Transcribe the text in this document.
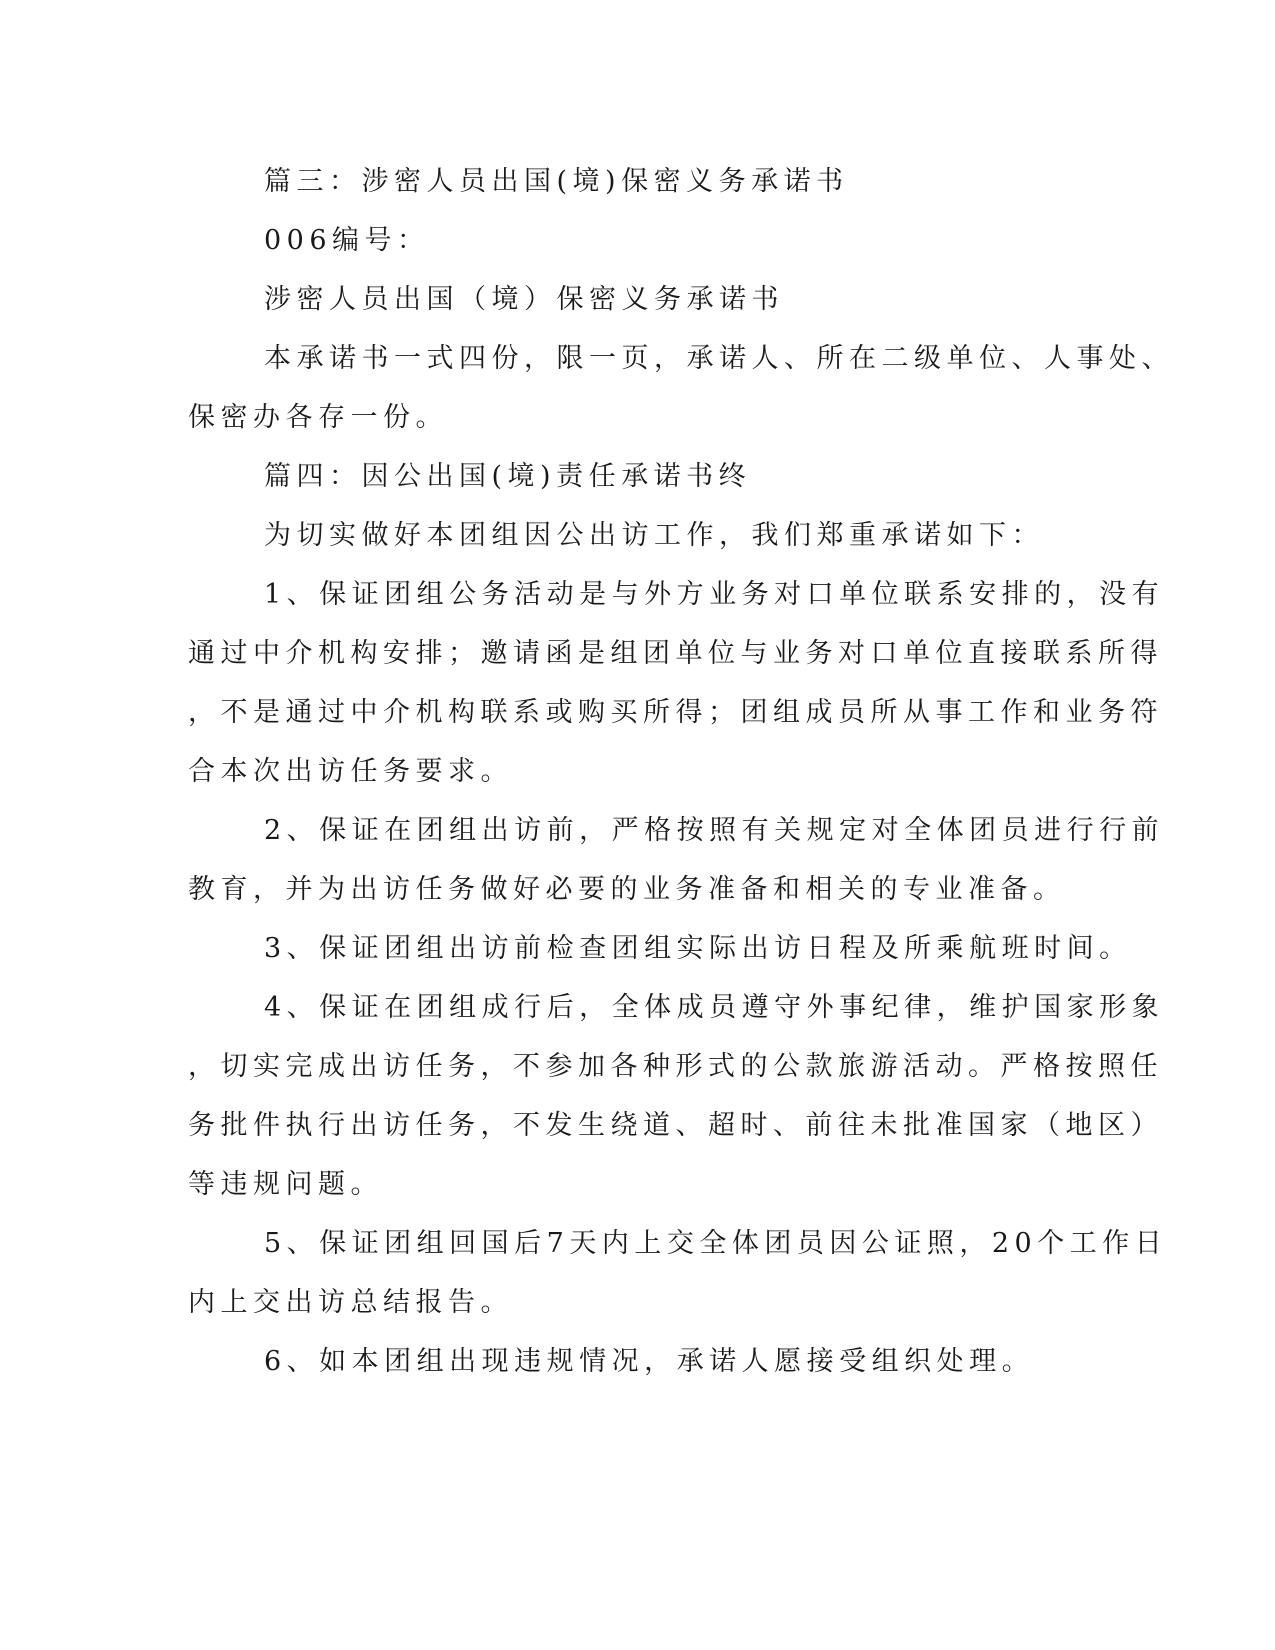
篇三：涉密人员出国(境)保密义务承诺书
006编号：
涉密人员出国（境）保密义务承诺书
本承诺书一式四份，限一页，承诺人、所在二级单位、人事处、
保密办各存一份。
篇四：因公出国(境)责任承诺书终
为切实做好本团组因公出访工作，我们郑重承诺如下：
1、保证团组公务活动是与外方业务对口单位联系安排的，没有
通过中介机构安排；邀请函是组团单位与业务对口单位直接联系所得
，不是通过中介机构联系或购买所得；团组成员所从事工作和业务符
合本次出访任务要求。
2、保证在团组出访前，严格按照有关规定对全体团员进行行前
教育，并为出访任务做好必要的业务准备和相关的专业准备。
3、保证团组出访前检查团组实际出访日程及所乘航班时间。
4、保证在团组成行后，全体成员遵守外事纪律，维护国家形象
，切实完成出访任务，不参加各种形式的公款旅游活动。严格按照任
务批件执行出访任务，不发生绕道、超时、前往未批准国家（地区）
等违规问题。
5、保证团组回国后7天内上交全体团员因公证照，20个工作日
内上交出访总结报告。
6、如本团组出现违规情况，承诺人愿接受组织处理。
